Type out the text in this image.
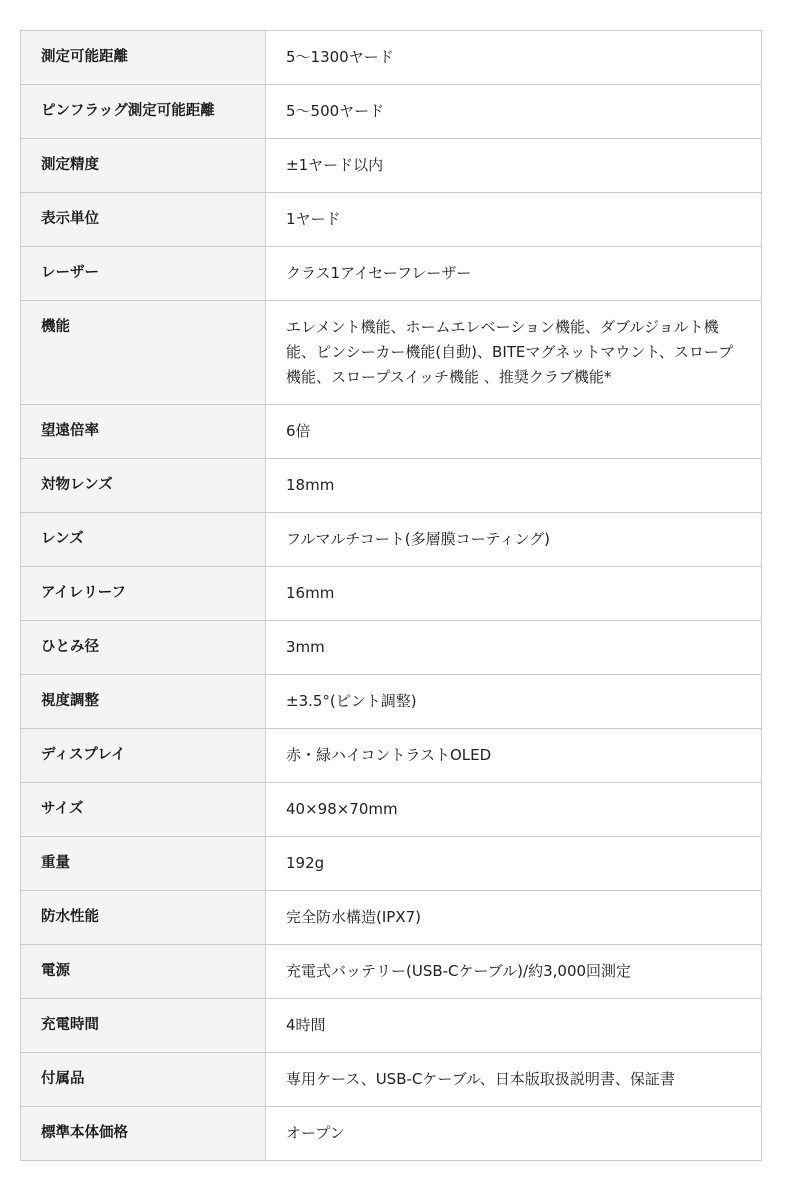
測定可能距離	5〜1300ヤード
ピンフラッグ測定可能距離	5〜500ヤード
測定精度	±1ヤード以内
表示単位	1ヤード
レーザー	クラス1アイセーフレーザー
機能	エレメント機能、ホームエレベーション機能、ダブルジョルト機能、ピンシーカー機能(自動)、BITEマグネットマウント、スロープ機能、スロープスイッチ機能 、推奨クラブ機能*
望遠倍率	6倍
対物レンズ	18mm
レンズ	フルマルチコート(多層膜コーティング)
アイレリーフ	16mm
ひとみ径	3mm
視度調整	±3.5°(ピント調整)
ディスプレイ	赤・緑ハイコントラストOLED
サイズ	40×98×70mm
重量	192g
防水性能	完全防水構造(IPX7)
電源	充電式バッテリー(USB-Cケーブル)/約3,000回測定
充電時間	4時間
付属品	専用ケース、USB-Cケーブル、日本版取扱説明書、保証書
標準本体価格	オープン
